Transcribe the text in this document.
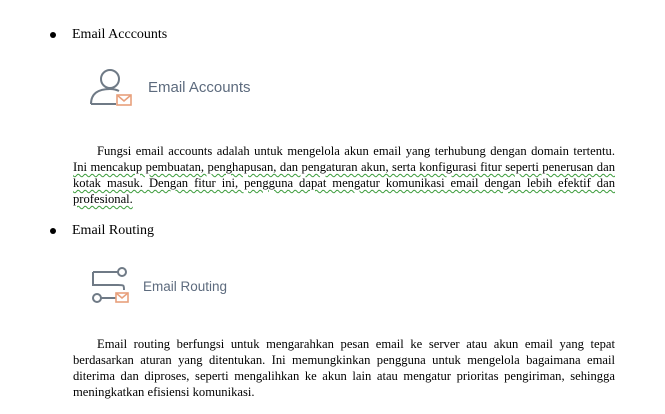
Email Acccounts
Email Accounts

Fungsi email accounts adalah untuk mengelola akun email yang terhubung dengan domain tertentu. Ini mencakup pembuatan, penghapusan, dan pengaturan akun, serta konfigurasi fitur seperti penerusan dan kotak masuk. Dengan fitur ini, pengguna dapat mengatur komunikasi email dengan lebih efektif dan profesional.

Email Routing
Email Routing

Email routing berfungsi untuk mengarahkan pesan email ke server atau akun email yang tepat berdasarkan aturan yang ditentukan. Ini memungkinkan pengguna untuk mengelola bagaimana email diterima dan diproses, seperti mengalihkan ke akun lain atau mengatur prioritas pengiriman, sehingga meningkatkan efisiensi komunikasi.
